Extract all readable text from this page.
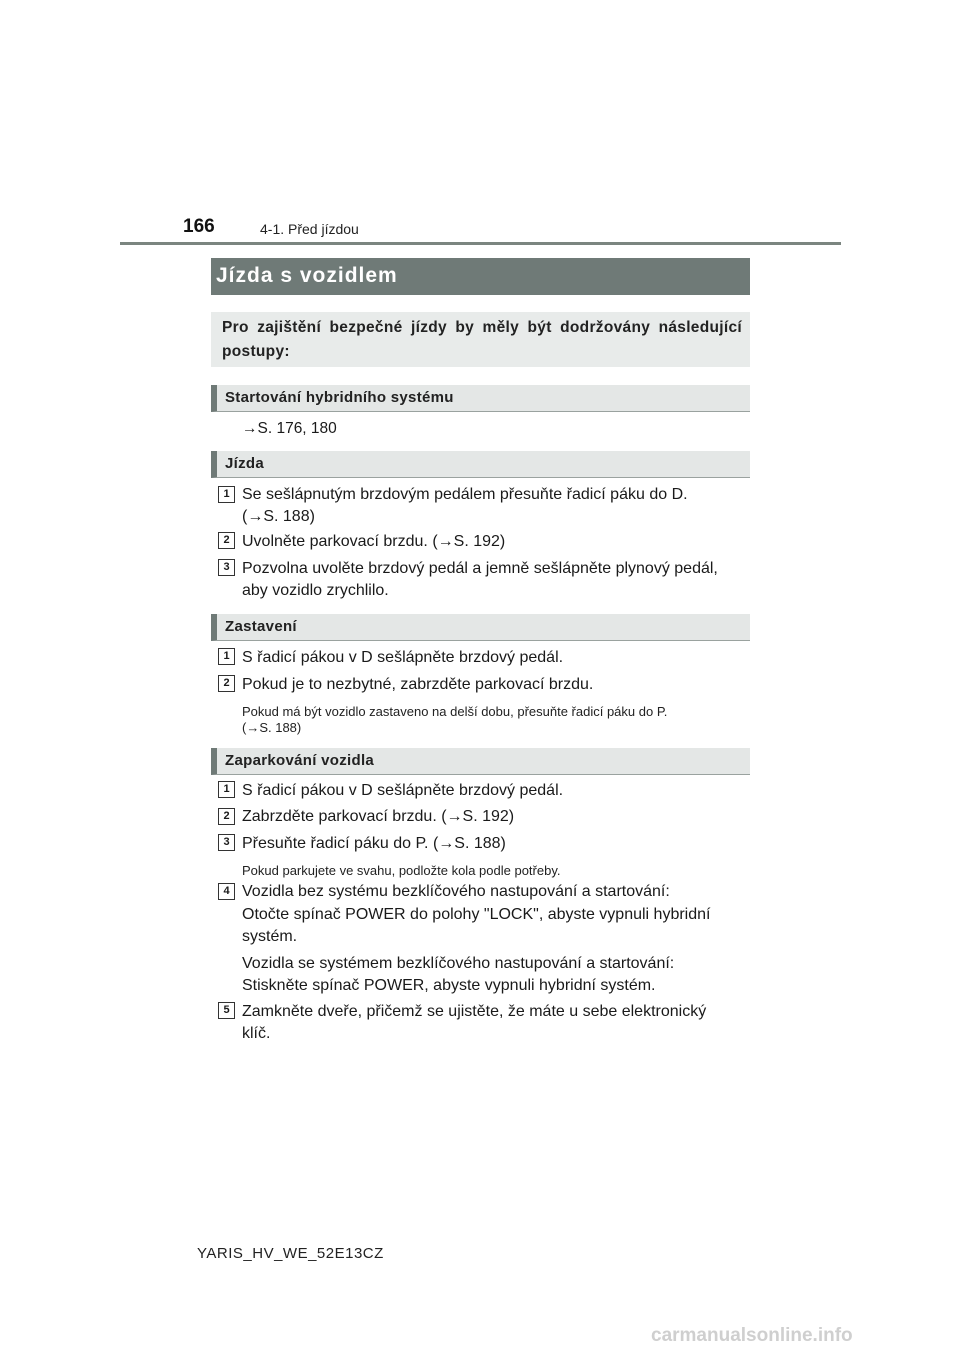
166	4-1. Před jízdou
Jízda s vozidlem
Pro zajištění bezpečné jízdy by měly být dodržovány následující postupy:
Startování hybridního systému
→S. 176, 180
Jízda
1 Se sešlápnutým brzdovým pedálem přesuňte řadicí páku do D.
(→S. 188)
2 Uvolněte parkovací brzdu. (→S. 192)
3 Pozvolna uvolěte brzdový pedál a jemně sešlápněte plynový pedál,
aby vozidlo zrychlilo.
Zastavení
1 S řadicí pákou v D sešlápněte brzdový pedál.
2 Pokud je to nezbytné, zabrzděte parkovací brzdu.
Pokud má být vozidlo zastaveno na delší dobu, přesuňte řadicí páku do P.
(→S. 188)
Zaparkování vozidla
1 S řadicí pákou v D sešlápněte brzdový pedál.
2 Zabrzděte parkovací brzdu. (→S. 192)
3 Přesuňte řadicí páku do P. (→S. 188)
Pokud parkujete ve svahu, podložte kola podle potřeby.
4 Vozidla bez systému bezklíčového nastupování a startování:
Otočte spínač POWER do polohy "LOCK", abyste vypnuli hybridní
systém.
Vozidla se systémem bezklíčového nastupování a startování:
Stiskněte spínač POWER, abyste vypnuli hybridní systém.
5 Zamkněte dveře, přičemž se ujistěte, že máte u sebe elektronický
klíč.
YARIS_HV_WE_52E13CZ
carmanualsonline.info
